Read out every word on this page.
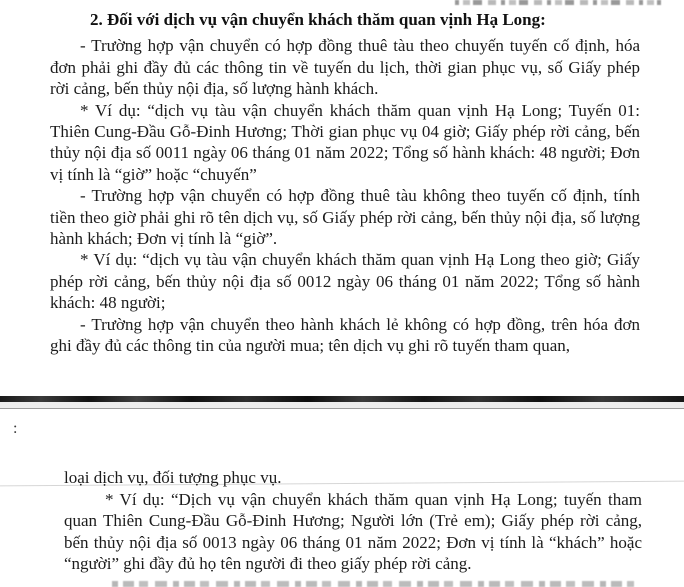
2. Đối với dịch vụ vận chuyển khách thăm quan vịnh Hạ Long:

- Trường hợp vận chuyển có hợp đồng thuê tàu theo chuyến tuyến cố định, hóa đơn phải ghi đầy đủ các thông tin về tuyến du lịch, thời gian phục vụ, số Giấy phép rời cảng, bến thủy nội địa, số lượng hành khách.

* Ví dụ: “dịch vụ tàu vận chuyển khách thăm quan vịnh Hạ Long; Tuyến 01: Thiên Cung-Đầu Gỗ-Đinh Hương; Thời gian phục vụ 04 giờ; Giấy phép rời cảng, bến thủy nội địa số 0011 ngày 06 tháng 01 năm 2022; Tổng số hành khách: 48 người; Đơn vị tính là “giờ” hoặc “chuyến”

- Trường hợp vận chuyển có hợp đồng thuê tàu không theo tuyến cố định, tính tiền theo giờ phải ghi rõ tên dịch vụ, số Giấy phép rời cảng, bến thủy nội địa, số lượng hành khách; Đơn vị tính là “giờ”.

* Ví dụ: “dịch vụ tàu vận chuyển khách thăm quan vịnh Hạ Long theo giờ; Giấy phép rời cảng, bến thủy nội địa số 0012 ngày 06 tháng 01 năm 2022; Tổng số hành khách: 48 người;

- Trường hợp vận chuyển theo hành khách lẻ không có hợp đồng, trên hóa đơn ghi đầy đủ các thông tin của người mua; tên dịch vụ ghi rõ tuyến tham quan,

:

loại dịch vụ, đối tượng phục vụ.

* Ví dụ: “Dịch vụ vận chuyển khách thăm quan vịnh Hạ Long; tuyến tham quan Thiên Cung-Đầu Gỗ-Đinh Hương; Người lớn (Trẻ em); Giấy phép rời cảng, bến thủy nội địa số 0013 ngày 06 tháng 01 năm 2022; Đơn vị tính là “khách” hoặc “người” ghi đầy đủ họ tên người đi theo giấy phép rời cảng.
